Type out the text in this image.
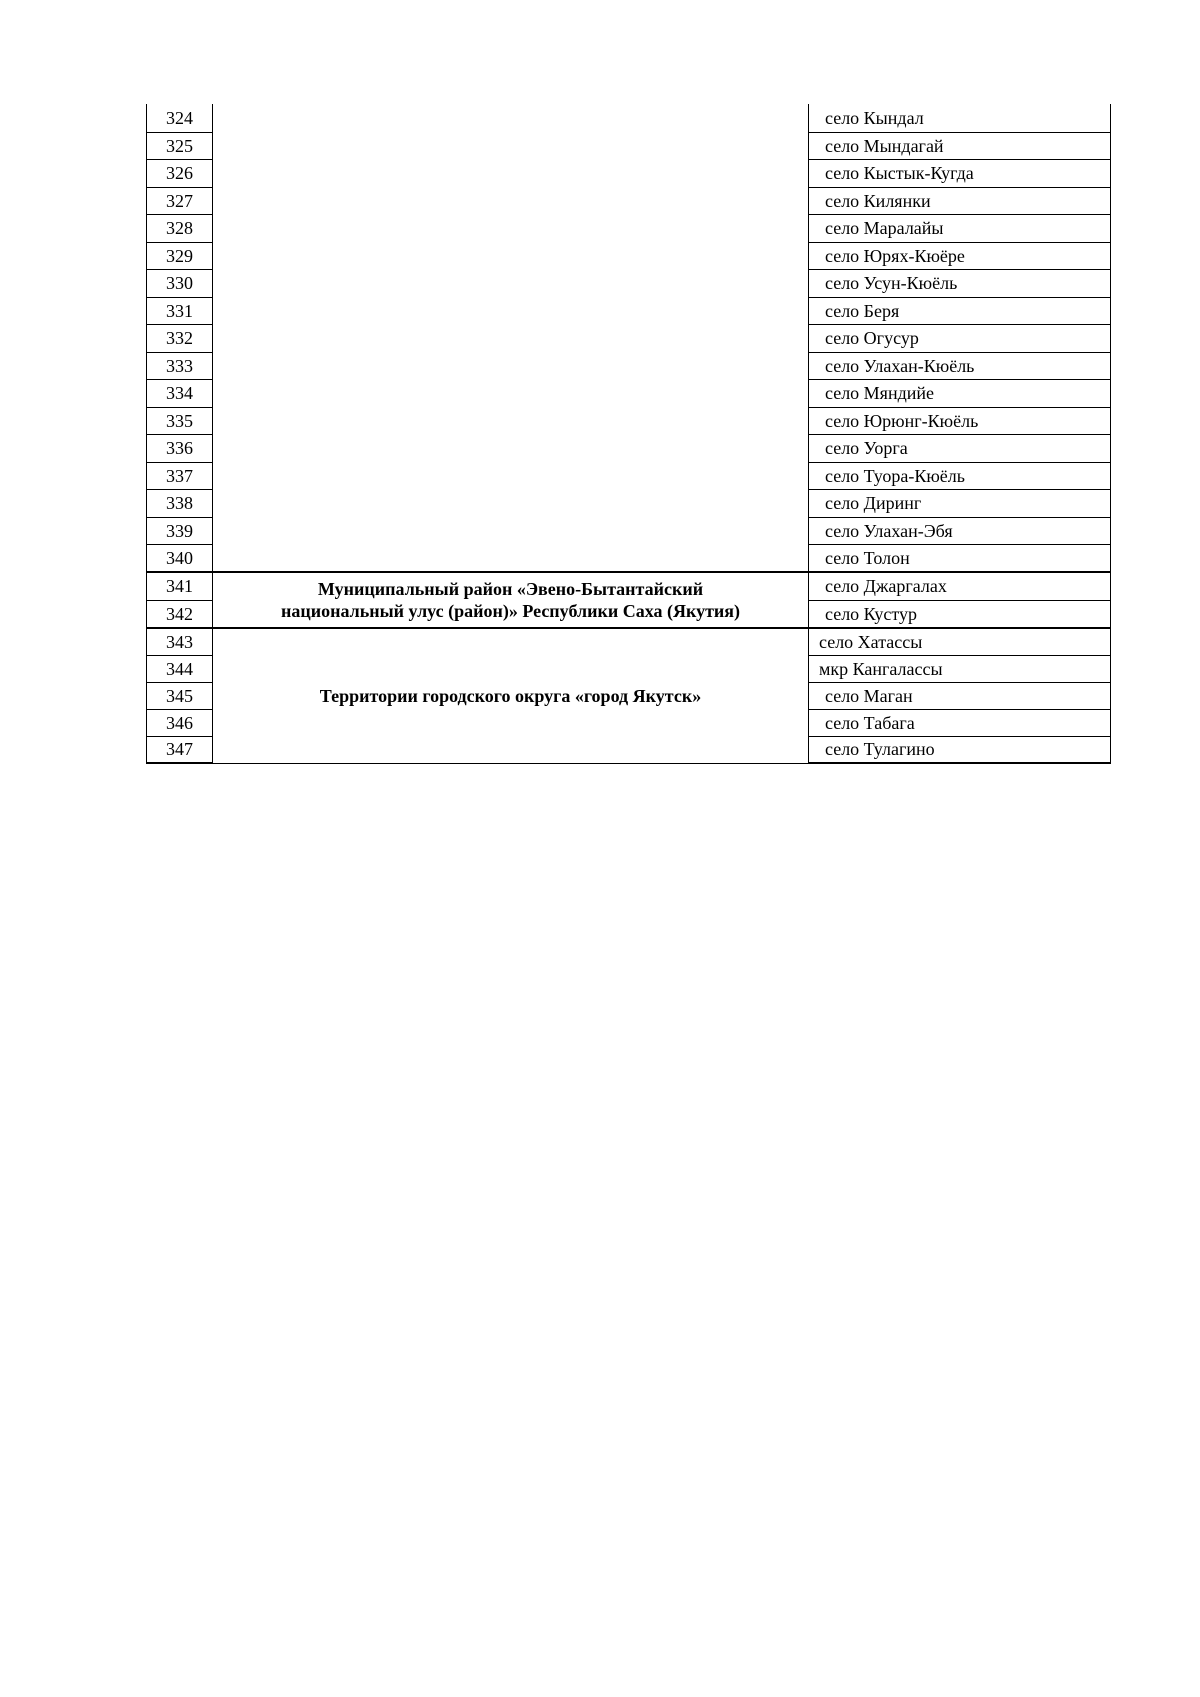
324		село Кындал
325		село Мындагай
326		село Кыстык-Кугда
327		село Килянки
328		село Маралайы
329		село Юрях-Кюёре
330		село Усун-Кюёль
331		село Беря
332		село Огусур
333		село Улахан-Кюёль
334		село Мяндийе
335		село Юрюнг-Кюёль
336		село Уорга
337		село Туора-Кюёль
338		село Диринг
339		село Улахан-Эбя
340		село Толон
341	Муниципальный район «Эвено-Бытантайский
национальный улус (район)» Республики Саха (Якутия)	село Джаргалах
342		село Кустур
343	Территории городского округа «город Якутск»	село Хатассы
344		мкр Кангалассы
345		село Маган
346		село Табага
347		село Тулагино
